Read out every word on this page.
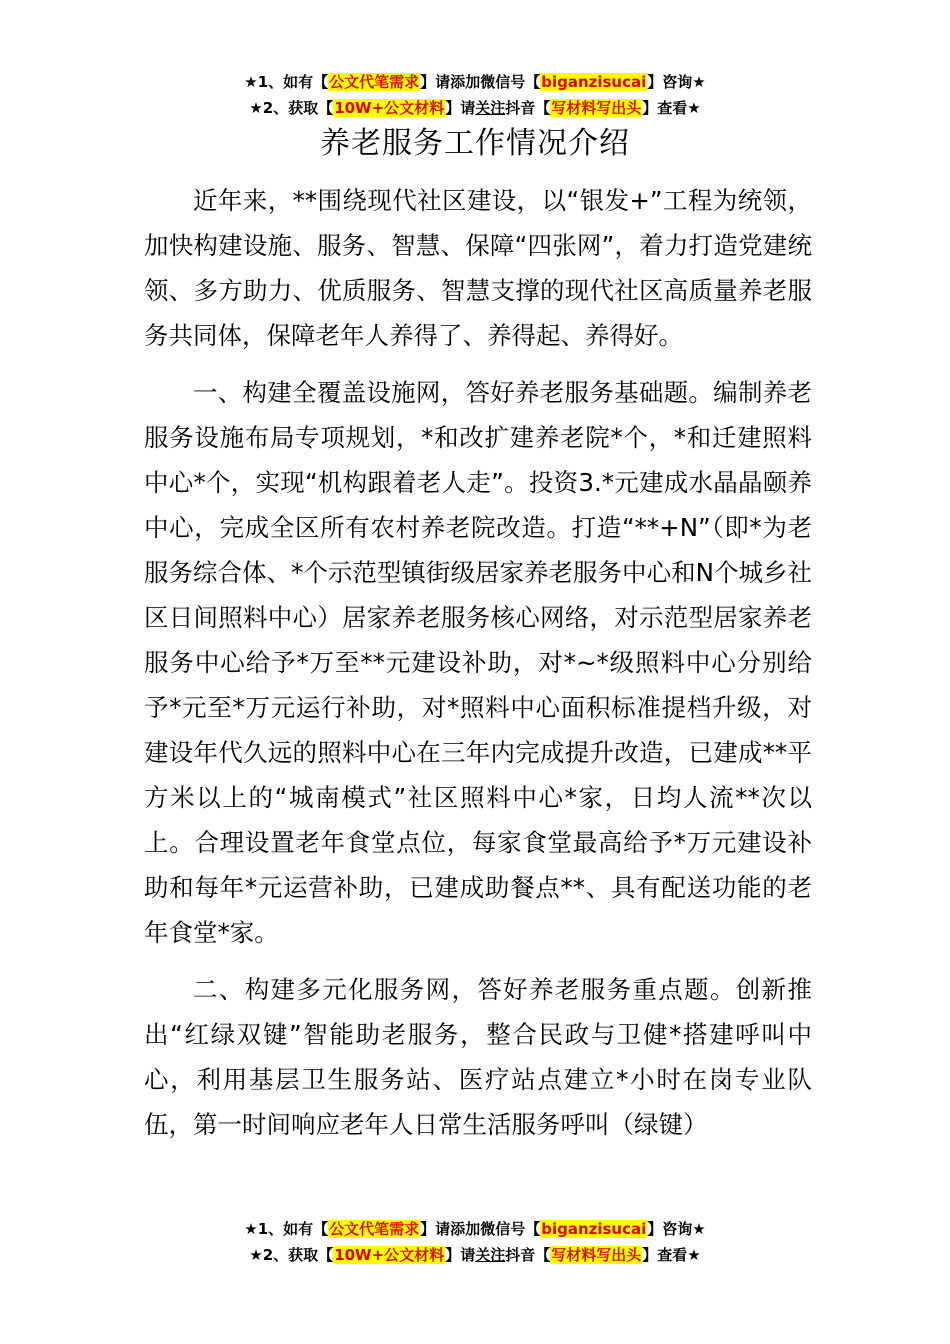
★1、如有【公文代笔需求】请添加微信号【biganzisucai】咨询★
★2、获取【10W+公文材料】请关注抖音【写材料写出头】查看★
养老服务工作情况介绍

近年来，**围绕现代社区建设，以“银发+”工程为统领，加快构建设施、服务、智慧、保障“四张网”，着力打造党建统领、多方助力、优质服务、智慧支撑的现代社区高质量养老服务共同体，保障老年人养得了、养得起、养得好。

一、构建全覆盖设施网，答好养老服务基础题。编制养老服务设施布局专项规划，*和改扩建养老院*个，*和迁建照料中心*个，实现“机构跟着老人走”。投资3.*元建成水晶晶颐养中心，完成全区所有农村养老院改造。打造“**+N”（即*为老服务综合体、*个示范型镇街级居家养老服务中心和N个城乡社区日间照料中心）居家养老服务核心网络，对示范型居家养老服务中心给予*万至**元建设补助，对*~*级照料中心分别给予*元至*万元运行补助，对*照料中心面积标准提档升级，对建设年代久远的照料中心在三年内完成提升改造，已建成**平方米以上的“城南模式”社区照料中心*家，日均人流**次以上。合理设置老年食堂点位，每家食堂最高给予*万元建设补助和每年*元运营补助，已建成助餐点**、具有配送功能的老年食堂*家。

二、构建多元化服务网，答好养老服务重点题。创新推出“红绿双键”智能助老服务，整合民政与卫健*搭建呼叫中心，利用基层卫生服务站、医疗站点建立*小时在岗专业队伍，第一时间响应老年人日常生活服务呼叫（绿键）

★1、如有【公文代笔需求】请添加微信号【biganzisucai】咨询★
★2、获取【10W+公文材料】请关注抖音【写材料写出头】查看★
